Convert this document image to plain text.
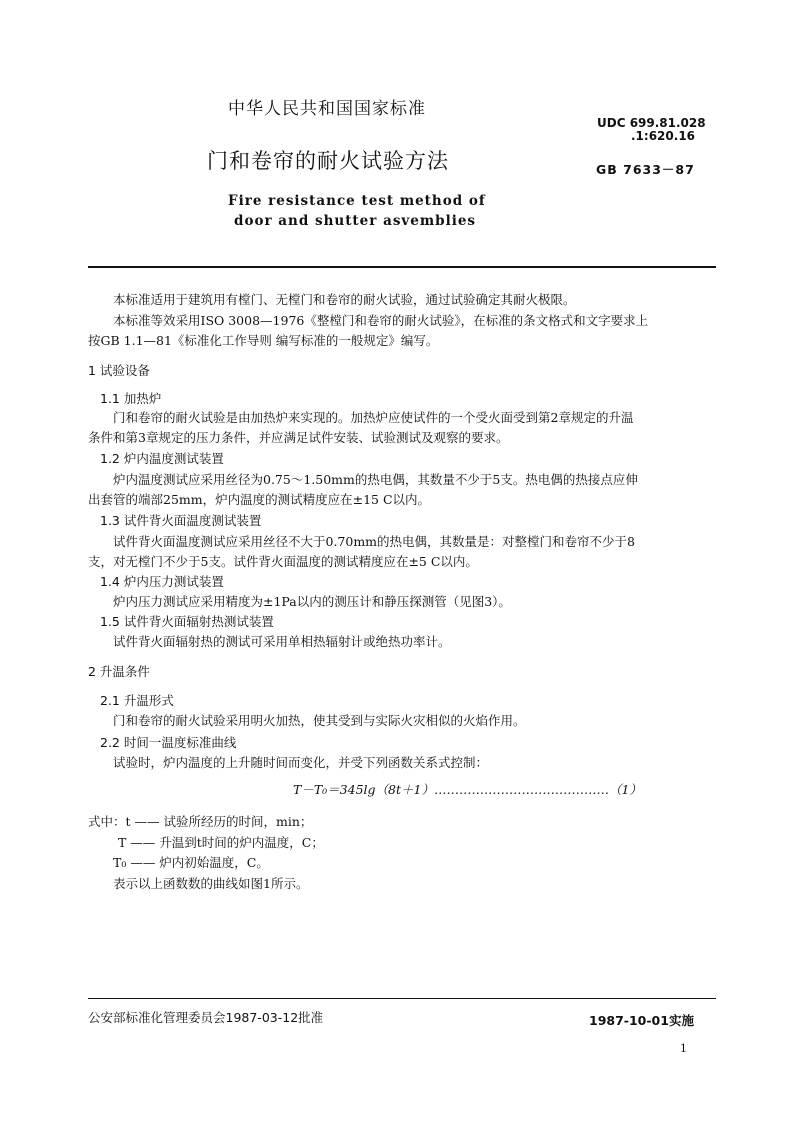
中华人民共和国国家标准
门和卷帘的耐火试验方法
Fire resistance test method of
door and shutter asvemblies
UDC 699.81.028
.1:620.16
GB 7633－87
本标准适用于建筑用有樘门、无樘门和卷帘的耐火试验，通过试验确定其耐火极限。
本标准等效采用ISO 3008—1976《整樘门和卷帘的耐火试验》，在标准的条文格式和文字要求上
按GB 1.1—81《标准化工作导则 编写标准的一般规定》编写。
1 试验设备
1.1 加热炉
门和卷帘的耐火试验是由加热炉来实现的。加热炉应使试件的一个受火面受到第2章规定的升温
条件和第3章规定的压力条件，并应满足试件安装、试验测试及观察的要求。
1.2 炉内温度测试装置
炉内温度测试应采用丝径为0.75～1.50mm的热电偶，其数量不少于5支。热电偶的热接点应伸
出套管的端部25mm，炉内温度的测试精度应在±15 C以内。
1.3 试件背火面温度测试装置
试件背火面温度测试应采用丝径不大于0.70mm的热电偶，其数量是：对整樘门和卷帘不少于8
支，对无樘门不少于5支。试件背火面温度的测试精度应在±5 C以内。
1.4 炉内压力测试装置
炉内压力测试应采用精度为±1Pa以内的测压计和静压探测管（见图3）。
1.5 试件背火面辐射热测试装置
试件背火面辐射热的测试可采用单相热辐射计或绝热功率计。
2 升温条件
2.1 升温形式
门和卷帘的耐火试验采用明火加热，使其受到与实际火灾相似的火焰作用。
2.2 时间一温度标准曲线
试验时，炉内温度的上升随时间而变化，并受下列函数关系式控制：
T－T₀＝345lg（8t＋1）……………………………………（1）
式中：t —— 试验所经历的时间，min；
T —— 升温到t时间的炉内温度，C；
T₀ —— 炉内初始温度，C。
表示以上函数数的曲线如图1所示。
公安部标准化管理委员会1987-03-12批准	1987-10-01实施
1
